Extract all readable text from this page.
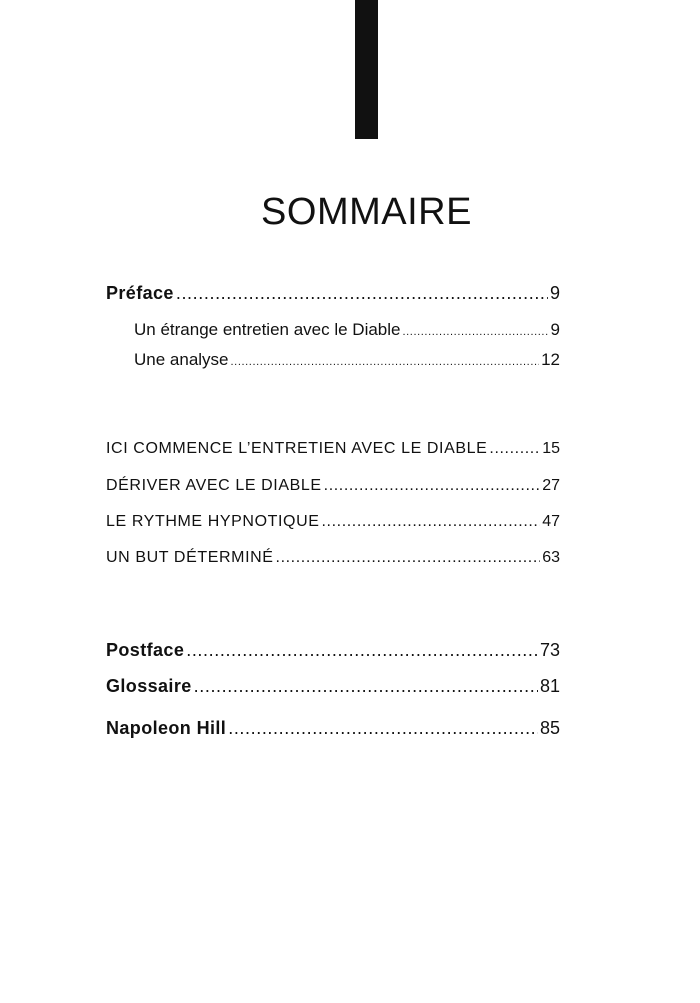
SOMMAIRE
Préface .....	9
Un étrange entretien avec le Diable .....	9
Une analyse .....	12
ICI COMMENCE L’ENTRETIEN AVEC LE DIABLE .....	15
DÉRIVER AVEC LE DIABLE .....	27
LE RYTHME HYPNOTIQUE .....	47
UN BUT DÉTERMINÉ .....	63
Postface .....	73
Glossaire .....	81
Napoleon Hill .....	85
